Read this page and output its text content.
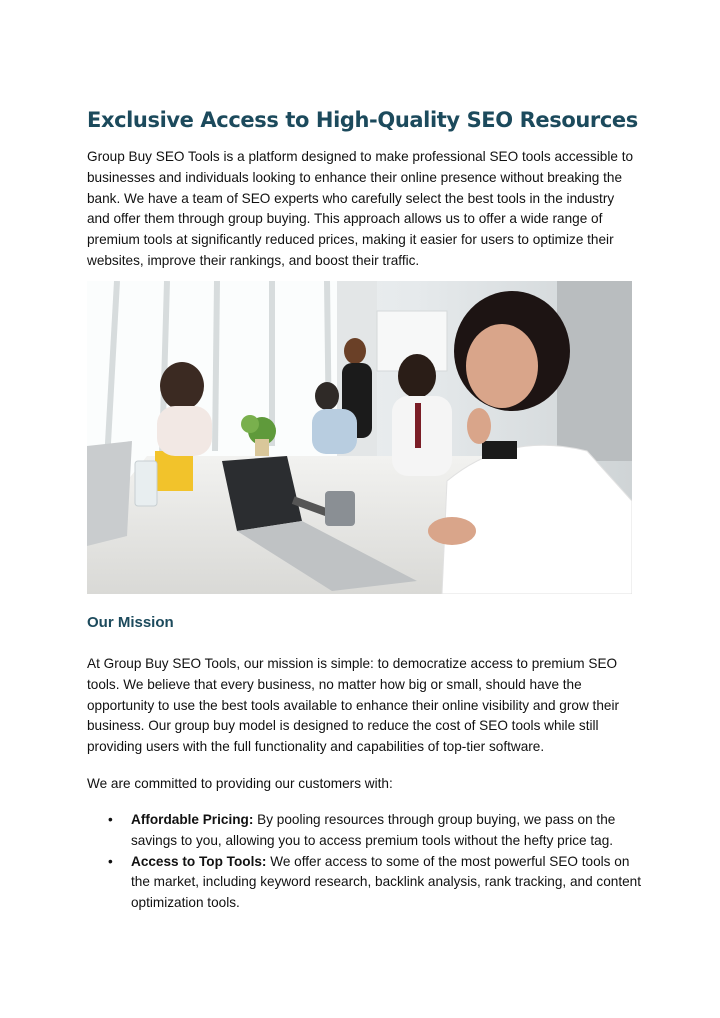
Exclusive Access to High-Quality SEO Resources

Group Buy SEO Tools is a platform designed to make professional SEO tools accessible to businesses and individuals looking to enhance their online presence without breaking the bank. We have a team of SEO experts who carefully select the best tools in the industry and offer them through group buying. This approach allows us to offer a wide range of premium tools at significantly reduced prices, making it easier for users to optimize their websites, improve their rankings, and boost their traffic.

Our Mission

At Group Buy SEO Tools, our mission is simple: to democratize access to premium SEO tools. We believe that every business, no matter how big or small, should have the opportunity to use the best tools available to enhance their online visibility and grow their business. Our group buy model is designed to reduce the cost of SEO tools while still providing users with the full functionality and capabilities of top-tier software.

We are committed to providing our customers with:

• Affordable Pricing: By pooling resources through group buying, we pass on the savings to you, allowing you to access premium tools without the hefty price tag.
• Access to Top Tools: We offer access to some of the most powerful SEO tools on the market, including keyword research, backlink analysis, rank tracking, and content optimization tools.
